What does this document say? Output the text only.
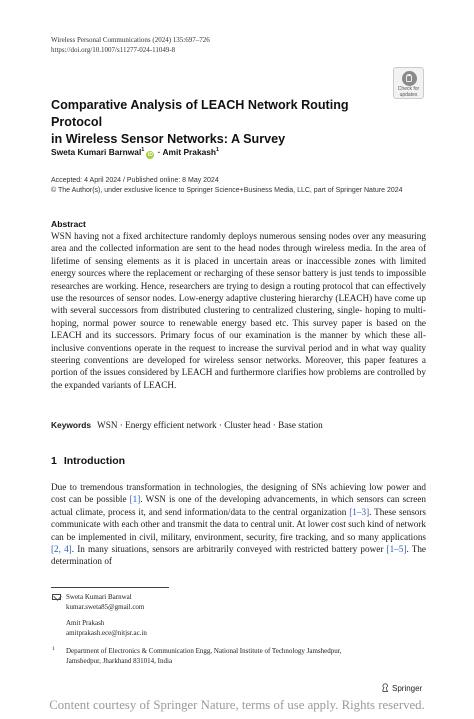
Wireless Personal Communications (2024) 135:697–726
https://doi.org/10.1007/s11277-024-11049-8
Check for
updates
Comparative Analysis of LEACH Network Routing Protocol
in Wireless Sensor Networks: A Survey
Sweta Kumari Barnwal$^1$iD · Amit Prakash$^1$
Accepted: 4 April 2024 / Published online: 8 May 2024
© The Author(s), under exclusive licence to Springer Science+Business Media, LLC, part of Springer Nature 2024
Abstract
WSN having not a fixed architecture randomly deploys numerous sensing nodes over any measuring area and the collected information are sent to the head nodes through wireless media. In the area of lifetime of sensing elements as it is placed in uncertain areas or inaccessible zones with limited energy sources where the replacement or recharging of these sensor battery is just tends to impossible researches are working. Hence, researchers are trying to design a routing protocol that can effectively use the resources of sensor nodes. Low-energy adaptive clustering hierarchy (LEACH) have come up with several successors from distributed clustering to centralized clustering, single- hoping to multi-hoping, normal power source to renewable energy based etc. This survey paper is based on the LEACH and its successors. Primary focus of our examination is the manner by which these all-inclusive conventions operate in the request to increase the survival period and in what way quality steering conventions are developed for wireless sensor networks. Moreover, this paper features a portion of the issues considered by LEACH and furthermore clarifies how problems are controlled by the expanded variants of LEACH.
Keywords WSN · Energy efficient network · Cluster head · Base station
1 Introduction
Due to tremendous transformation in technologies, the designing of SNs achieving low power and cost can be possible [1]. WSN is one of the developing advancements, in which sensors can screen actual climate, process it, and send information/data to the central organization [1–3]. These sensors communicate with each other and transmit the data to central unit. At lower cost such kind of network can be implemented in civil, military, environment, security, fire tracking, and so many applications [2, 4]. In many situations, sensors are arbitrarily conveyed with restricted battery power [1–5]. The determination of
Sweta Kumari Barnwal
kumar.sweta85@gmail.com
Amit Prakash
amitprakash.ece@nitjsr.ac.in
1 Department of Electronics & Communication Engg, National Institute of Technology Jamshedpur,
Jamshedpur, Jharkhand 831014, India
Springer
Content courtesy of Springer Nature, terms of use apply. Rights reserved.
